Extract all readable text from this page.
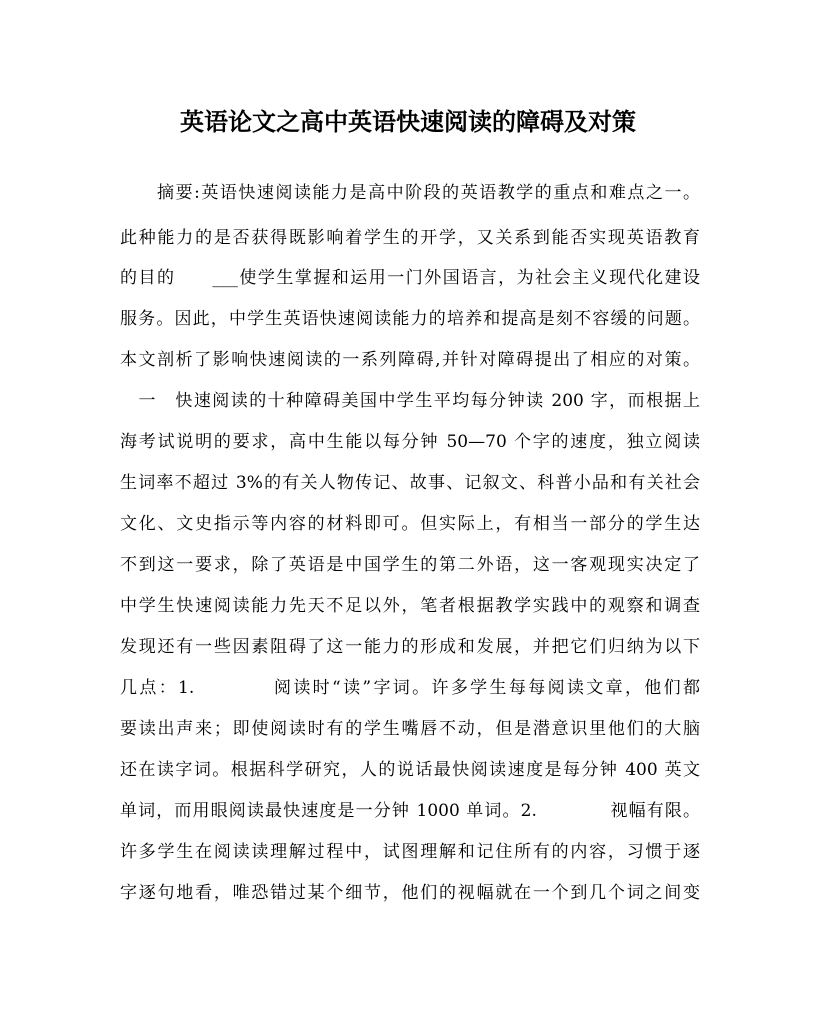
英语论文之高中英语快速阅读的障碍及对策
　　摘要:英语快速阅读能力是高中阶段的英语教学的重点和难点之一。
此种能力的是否获得既影响着学生的开学，又关系到能否实现英语教育
的目的　　___使学生掌握和运用一门外国语言，为社会主义现代化建设
服务。因此，中学生英语快速阅读能力的培养和提高是刻不容缓的问题。
本文剖析了影响快速阅读的一系列障碍,并针对障碍提出了相应的对策。
　一　快速阅读的十种障碍美国中学生平均每分钟读 200 字，而根据上
海考试说明的要求，高中生能以每分钟 50—70 个字的速度，独立阅读
生词率不超过 3%的有关人物传记、故事、记叙文、科普小品和有关社会
文化、文史指示等内容的材料即可。但实际上，有相当一部分的学生达
不到这一要求，除了英语是中国学生的第二外语，这一客观现实决定了
中学生快速阅读能力先天不足以外，笔者根据教学实践中的观察和调查
发现还有一些因素阻碍了这一能力的形成和发展，并把它们归纳为以下
几点：1.　　　　阅读时“读”字词。许多学生每每阅读文章，他们都
要读出声来；即使阅读时有的学生嘴唇不动，但是潜意识里他们的大脑
还在读字词。根据科学研究，人的说话最快阅读速度是每分钟 400 英文
单词，而用眼阅读最快速度是一分钟 1000 单词。2.　　　　视幅有限。
许多学生在阅读读理解过程中，试图理解和记住所有的内容，习惯于逐
字逐句地看，唯恐错过某个细节，他们的视幅就在一个到几个词之间变
